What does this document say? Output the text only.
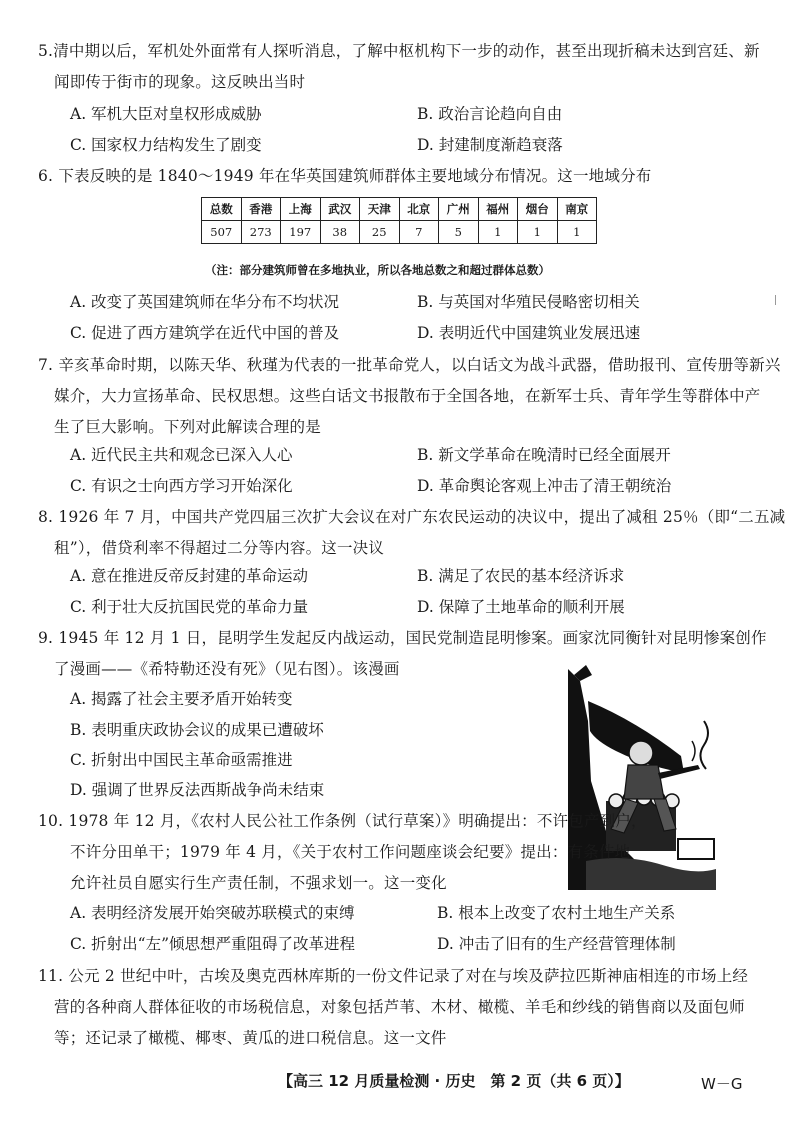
5.清中期以后，军机处外面常有人探听消息，了解中枢机构下一步的动作，甚至出现折稿未达到宫廷、新
闻即传于街市的现象。这反映出当时
A. 军机大臣对皇权形成威胁	B. 政治言论趋向自由
C. 国家权力结构发生了剧变	D. 封建制度渐趋衰落
6. 下表反映的是 1840～1949 年在华英国建筑师群体主要地域分布情况。这一地域分布
总数	香港	上海	武汉	天津	北京	广州	福州	烟台	南京
507	273	197	38	25	7	5	1	1	1
（注：部分建筑师曾在多地执业，所以各地总数之和超过群体总数）
A. 改变了英国建筑师在华分布不均状况	B. 与英国对华殖民侵略密切相关
C. 促进了西方建筑学在近代中国的普及	D. 表明近代中国建筑业发展迅速
7. 辛亥革命时期，以陈天华、秋瑾为代表的一批革命党人，以白话文为战斗武器，借助报刊、宣传册等新兴
媒介，大力宣扬革命、民权思想。这些白话文书报散布于全国各地，在新军士兵、青年学生等群体中产
生了巨大影响。下列对此解读合理的是
A. 近代民主共和观念已深入人心	B. 新文学革命在晚清时已经全面展开
C. 有识之士向西方学习开始深化	D. 革命舆论客观上冲击了清王朝统治
8. 1926 年 7 月，中国共产党四届三次扩大会议在对广东农民运动的决议中，提出了减租 25％（即“二五减
租”），借贷利率不得超过二分等内容。这一决议
A. 意在推进反帝反封建的革命运动	B. 满足了农民的基本经济诉求
C. 利于壮大反抗国民党的革命力量	D. 保障了土地革命的顺利开展
9. 1945 年 12 月 1 日，昆明学生发起反内战运动，国民党制造昆明惨案。画家沈同衡针对昆明惨案创作
了漫画——《希特勒还没有死》（见右图）。该漫画
A. 揭露了社会主要矛盾开始转变
B. 表明重庆政协会议的成果已遭破坏
C. 折射出中国民主革命亟需推进
D. 强调了世界反法西斯战争尚未结束
10. 1978 年 12 月，《农村人民公社工作条例（试行草案）》明确提出：不许包产到户，
不许分田单干；1979 年 4 月，《关于农村工作问题座谈会纪要》提出：有条件地
允许社员自愿实行生产责任制，不强求划一。这一变化
A. 表明经济发展开始突破苏联模式的束缚	B. 根本上改变了农村土地生产关系
C. 折射出“左”倾思想严重阻碍了改革进程	D. 冲击了旧有的生产经营管理体制
11. 公元 2 世纪中叶，古埃及奥克西林库斯的一份文件记录了对在与埃及萨拉匹斯神庙相连的市场上经
营的各种商人群体征收的市场税信息，对象包括芦苇、木材、橄榄、羊毛和纱线的销售商以及面包师
等；还记录了橄榄、椰枣、黄瓜的进口税信息。这一文件
【高三 12 月质量检测 · 历史　第 2 页（共 6 页）】	W－G
